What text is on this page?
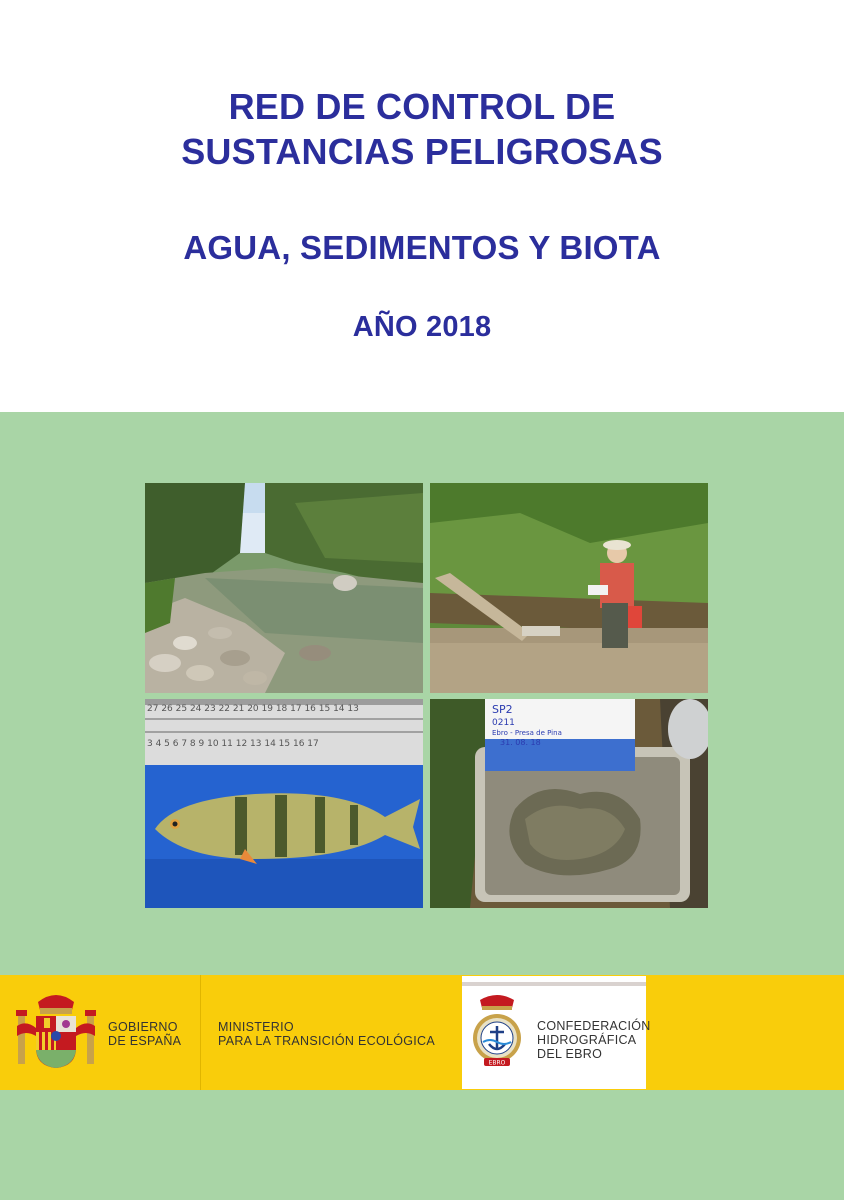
RED DE CONTROL DE
SUSTANCIAS PELIGROSAS
AGUA, SEDIMENTOS Y BIOTA
AÑO 2018
27 26 25 24 23 22 21 20 19 18 17 16 15 14 13
3 4 5 6 7 8 9 10 11 12 13 14 15 16 17
SP2
0211
Ebro - Presa de Pina
31. 08. 18
GOBIERNO
DE ESPAÑA
MINISTERIO
PARA LA TRANSICIÓN ECOLÓGICA
EBRO
CONFEDERACIÓN
HIDROGRÁFICA
DEL EBRO
